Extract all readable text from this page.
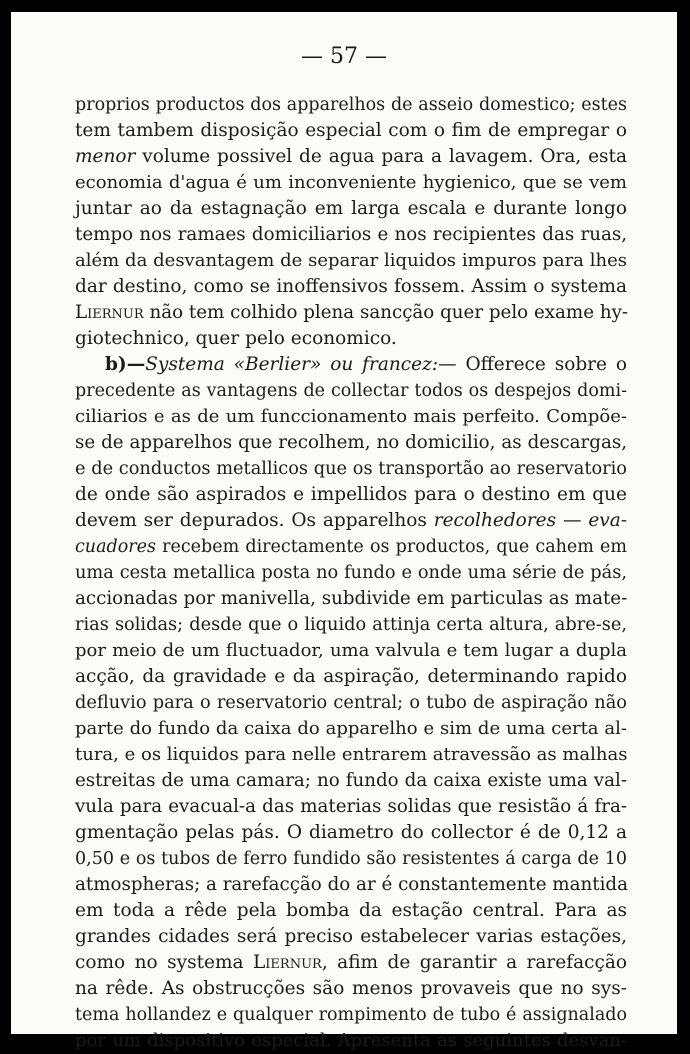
— 57 —
proprios productos dos apparelhos de asseio domestico; estes
tem tambem disposição especial com o fim de empregar o
menor volume possivel de agua para a lavagem. Ora, esta
economia d'agua é um inconveniente hygienico, que se vem
juntar ao da estagnação em larga escala e durante longo
tempo nos ramaes domiciliarios e nos recipientes das ruas,
além da desvantagem de separar liquidos impuros para lhes
dar destino, como se inoffensivos fossem. Assim o systema
Liernur não tem colhido plena sancção quer pelo exame hy-
giotechnico, quer pelo economico.
b)—Systema «Berlier» ou francez:— Offerece sobre o
precedente as vantagens de collectar todos os despejos domi-
ciliarios e as de um funccionamento mais perfeito. Compõe-
se de apparelhos que recolhem, no domicilio, as descargas,
e de conductos metallicos que os transportão ao reservatorio
de onde são aspirados e impellidos para o destino em que
devem ser depurados. Os apparelhos recolhedores — eva-
cuadores recebem directamente os productos, que cahem em
uma cesta metallica posta no fundo e onde uma série de pás,
accionadas por manivella, subdivide em particulas as mate-
rias solidas; desde que o liquido attinja certa altura, abre-se,
por meio de um fluctuador, uma valvula e tem lugar a dupla
acção, da gravidade e da aspiração, determinando rapido
defluvio para o reservatorio central; o tubo de aspiração não
parte do fundo da caixa do apparelho e sim de uma certa al-
tura, e os liquidos para nelle entrarem atravessão as malhas
estreitas de uma camara; no fundo da caixa existe uma val-
vula para evacual-a das materias solidas que resistão á fra-
gmentação pelas pás. O diametro do collector é de 0,12 a
0,50 e os tubos de ferro fundido são resistentes á carga de 10
atmospheras; a rarefacção do ar é constantemente mantida
em toda a rêde pela bomba da estação central. Para as
grandes cidades será preciso estabelecer varias estações,
como no systema Liernur, afim de garantir a rarefacção
na rêde. As obstrucções são menos provaveis que no sys-
tema hollandez e qualquer rompimento de tubo é assignalado
por um dispositivo especial. Apresenta as seguintes desvan-
